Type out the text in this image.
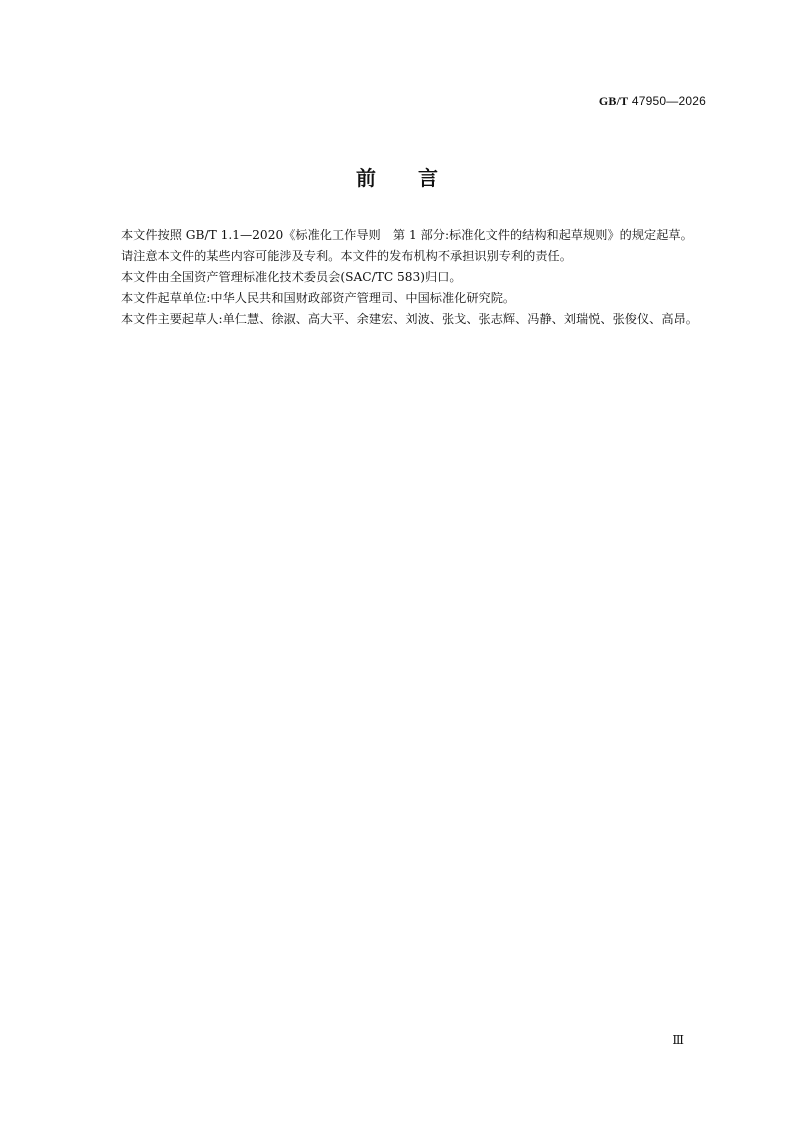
GB/T 47950—2026
前 言

本文件按照 GB/T 1.1—2020《标准化工作导则　第 1 部分:标准化文件的结构和起草规则》的规定起草。

请注意本文件的某些内容可能涉及专利。本文件的发布机构不承担识别专利的责任。

本文件由全国资产管理标准化技术委员会(SAC/TC 583)归口。

本文件起草单位:中华人民共和国财政部资产管理司、中国标准化研究院。

本文件主要起草人:单仁慧、徐淑、高大平、余建宏、刘波、张戈、张志辉、冯静、刘瑞悦、张俊仪、高昂。

Ⅲ
